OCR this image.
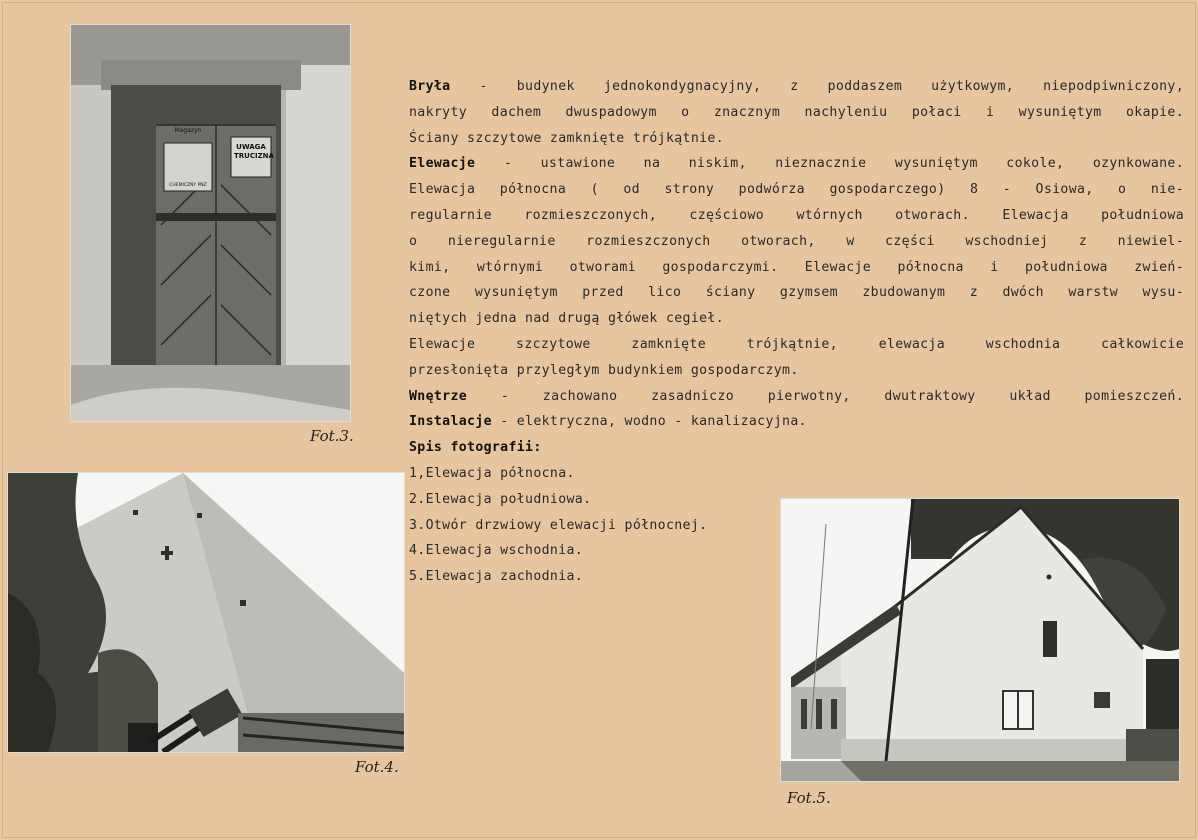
Magazyn
CHEMICZNY PNZ
UWAGA TRUCIZNA
Fot.3.
Fot.4.
Fot.5.

Bryła - budynek jednokondygnacyjny, z poddaszem użytkowym, niepodpiwniczony,

nakryty dachem dwuspadowym o znacznym nachyleniu połaci i wysuniętym okapie.

Ściany szczytowe zamknięte trójkątnie.

Elewacje - ustawione na niskim, nieznacznie wysuniętym cokole, ozynkowane.

Elewacja północna ( od strony podwórza gospodarczego) 8 - Osiowa, o nie-

regularnie rozmieszczonych, częściowo wtórnych otworach. Elewacja południowa

o nieregularnie rozmieszczonych otworach, w części wschodniej z niewiel-

kimi, wtórnymi otworami gospodarczymi. Elewacje północna i południowa zwień-

czone wysuniętym przed lico ściany gzymsem zbudowanym z dwóch warstw wysu-

niętych jedna nad drugą główek cegieł.

Elewacje szczytowe zamknięte trójkątnie, elewacja wschodnia całkowicie

przesłonięta przyległym budynkiem gospodarczym.

Wnętrze - zachowano zasadniczo pierwotny, dwutraktowy układ pomieszczeń.

Instalacje - elektryczna, wodno - kanalizacyjna.

Spis fotografii:

1,Elewacja północna.

2.Elewacja południowa.

3.Otwór drzwiowy elewacji północnej.

4.Elewacja wschodnia.

5.Elewacja zachodnia.
